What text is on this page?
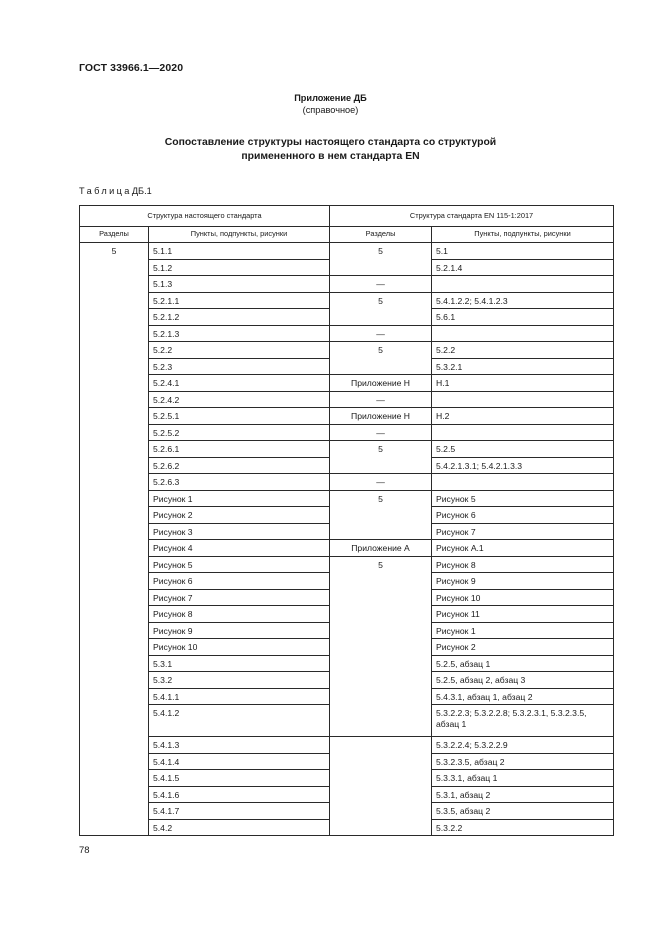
ГОСТ 33966.1—2020
Приложение ДБ
(справочное)
Сопоставление структуры настоящего стандарта со структурой
примененного в нем стандарта EN
ТаблицаДБ.1
Структура настоящего стандарта		Структура стандарта EN 115-1:2017	
Разделы	Пункты, подпункты, рисунки	Разделы	Пункты, подпункты, рисунки
5	5.1.1	5	5.1
	5.1.2		5.2.1.4
	5.1.3	—	
	5.2.1.1	5	5.4.1.2.2; 5.4.1.2.3
	5.2.1.2		5.6.1
	5.2.1.3	—	
	5.2.2	5	5.2.2
	5.2.3		5.3.2.1
	5.2.4.1	Приложение H	H.1
	5.2.4.2	—	
	5.2.5.1	Приложение H	H.2
	5.2.5.2	—	
	5.2.6.1	5	5.2.5
	5.2.6.2		5.4.2.1.3.1; 5.4.2.1.3.3
	5.2.6.3	—	
	Рисунок 1	5	Рисунок 5
	Рисунок 2		Рисунок 6
	Рисунок 3		Рисунок 7
	Рисунок 4	Приложение A	Рисунок A.1
	Рисунок 5	5	Рисунок 8
	Рисунок 6		Рисунок 9
	Рисунок 7		Рисунок 10
	Рисунок 8		Рисунок 11
	Рисунок 9		Рисунок 1
	Рисунок 10		Рисунок 2
	5.3.1		5.2.5, абзац 1
	5.3.2		5.2.5, абзац 2, абзац 3
	5.4.1.1		5.4.3.1, абзац 1, абзац 2
	5.4.1.2		5.3.2.2.3; 5.3.2.2.8; 5.3.2.3.1, 5.3.2.3.5, абзац 1
	5.4.1.3		5.3.2.2.4; 5.3.2.2.9
	5.4.1.4		5.3.2.3.5, абзац 2
	5.4.1.5		5.3.3.1, абзац 1
	5.4.1.6		5.3.1, абзац 2
	5.4.1.7		5.3.5, абзац 2
	5.4.2		5.3.2.2
78
